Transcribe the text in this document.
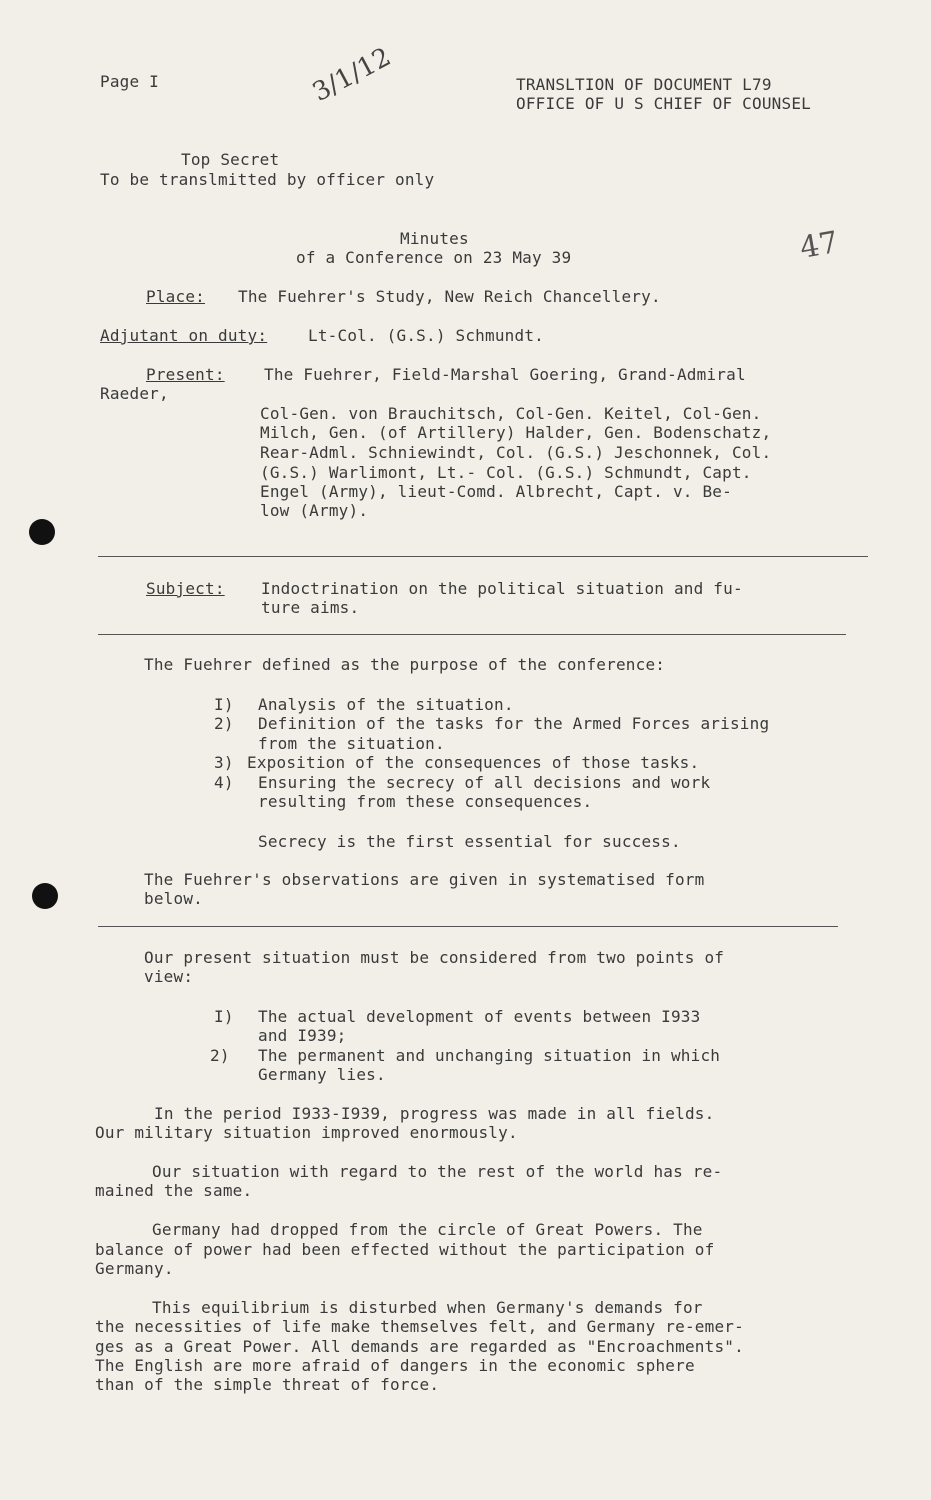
Page I	TRANSLTION OF DOCUMENT L79
OFFICE OF U S CHIEF OF COUNSEL
3/1/12
Top Secret
To be translmitted by officer only
Minutes
of a Conference on 23 May 39	47
Place: The Fuehrer's Study, New Reich Chancellery.
Adjutant on duty:	Lt-Col. (G.S.) Schmundt.
Present: The Fuehrer, Field-Marshal Goering, Grand-Admiral
Raeder,
Col-Gen. von Brauchitsch, Col-Gen. Keitel, Col-Gen.
Milch, Gen. (of Artillery) Halder, Gen. Bodenschatz,
Rear-Adml. Schniewindt, Col. (G.S.) Jeschonnek, Col.
(G.S.) Warlimont, Lt.- Col. (G.S.) Schmundt, Capt.
Engel (Army), lieut-Comd. Albrecht, Capt. v. Be-
low (Army).
Subject: Indoctrination on the political situation and fu-
ture aims.
The Fuehrer defined as the purpose of the conference:
I) Analysis of the situation.
2) Definition of the tasks for the Armed Forces arising
from the situation.
3) Exposition of the consequences of those tasks.
4) Ensuring the secrecy of all decisions and work
resulting from these consequences.
Secrecy is the first essential for success.
The Fuehrer's observations are given in systematised form
below.
Our present situation must be considered from two points of
view:
I) The actual development of events between I933
and I939;
2) The permanent and unchanging situation in which
Germany lies.
In the period I933-I939, progress was made in all fields.
Our military situation improved enormously.
Our situation with regard to the rest of the world has re-
mained the same.
Germany had dropped from the circle of Great Powers. The
balance of power had been effected without the participation of
Germany.
This equilibrium is disturbed when Germany's demands for
the necessities of life make themselves felt, and Germany re-emer-
ges as a Great Power. All demands are regarded as "Encroachments".
The English are more afraid of dangers in the economic sphere
than of the simple threat of force.
